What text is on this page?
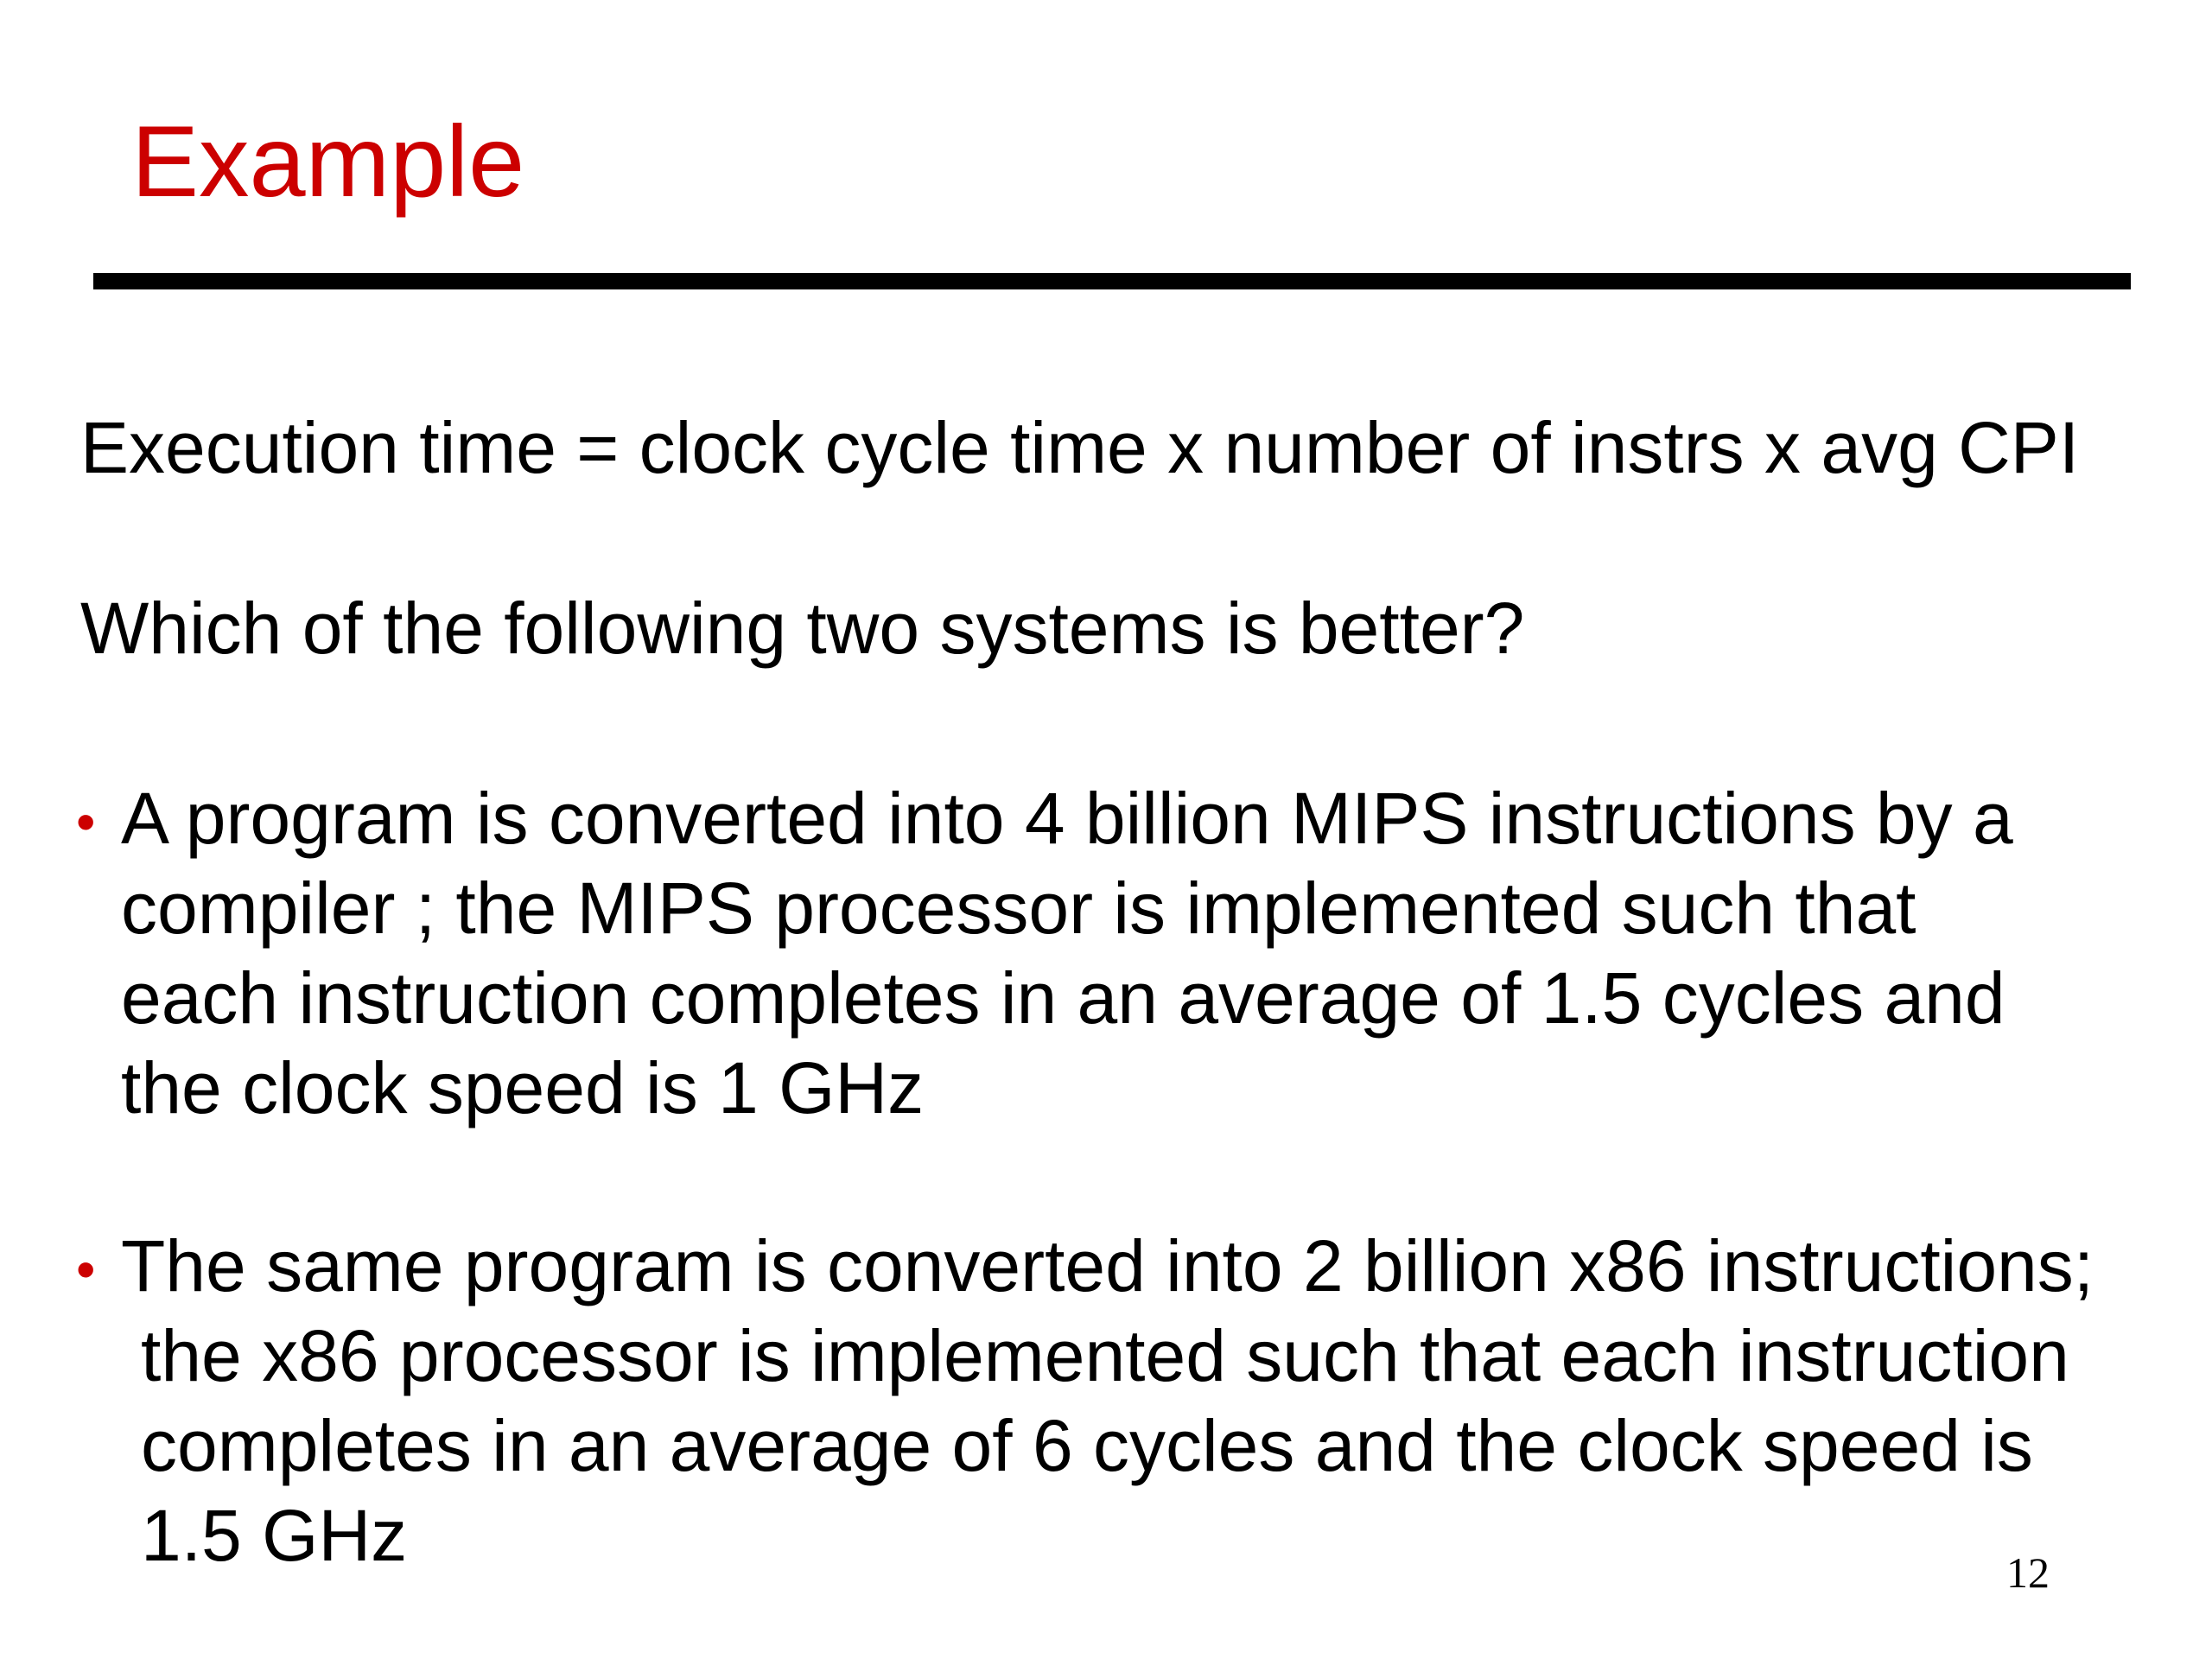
Example
Execution time = clock cycle time x number of instrs x avg CPI
Which of the following two systems is better?
• A program is converted into 4 billion MIPS instructions by a
compiler ; the MIPS processor is implemented such that
each instruction completes in an average of 1.5 cycles and
the clock speed is 1 GHz
• The same program is converted into 2 billion x86 instructions;
the x86 processor is implemented such that each instruction
completes in an average of 6 cycles and the clock speed is
1.5 GHz	12
